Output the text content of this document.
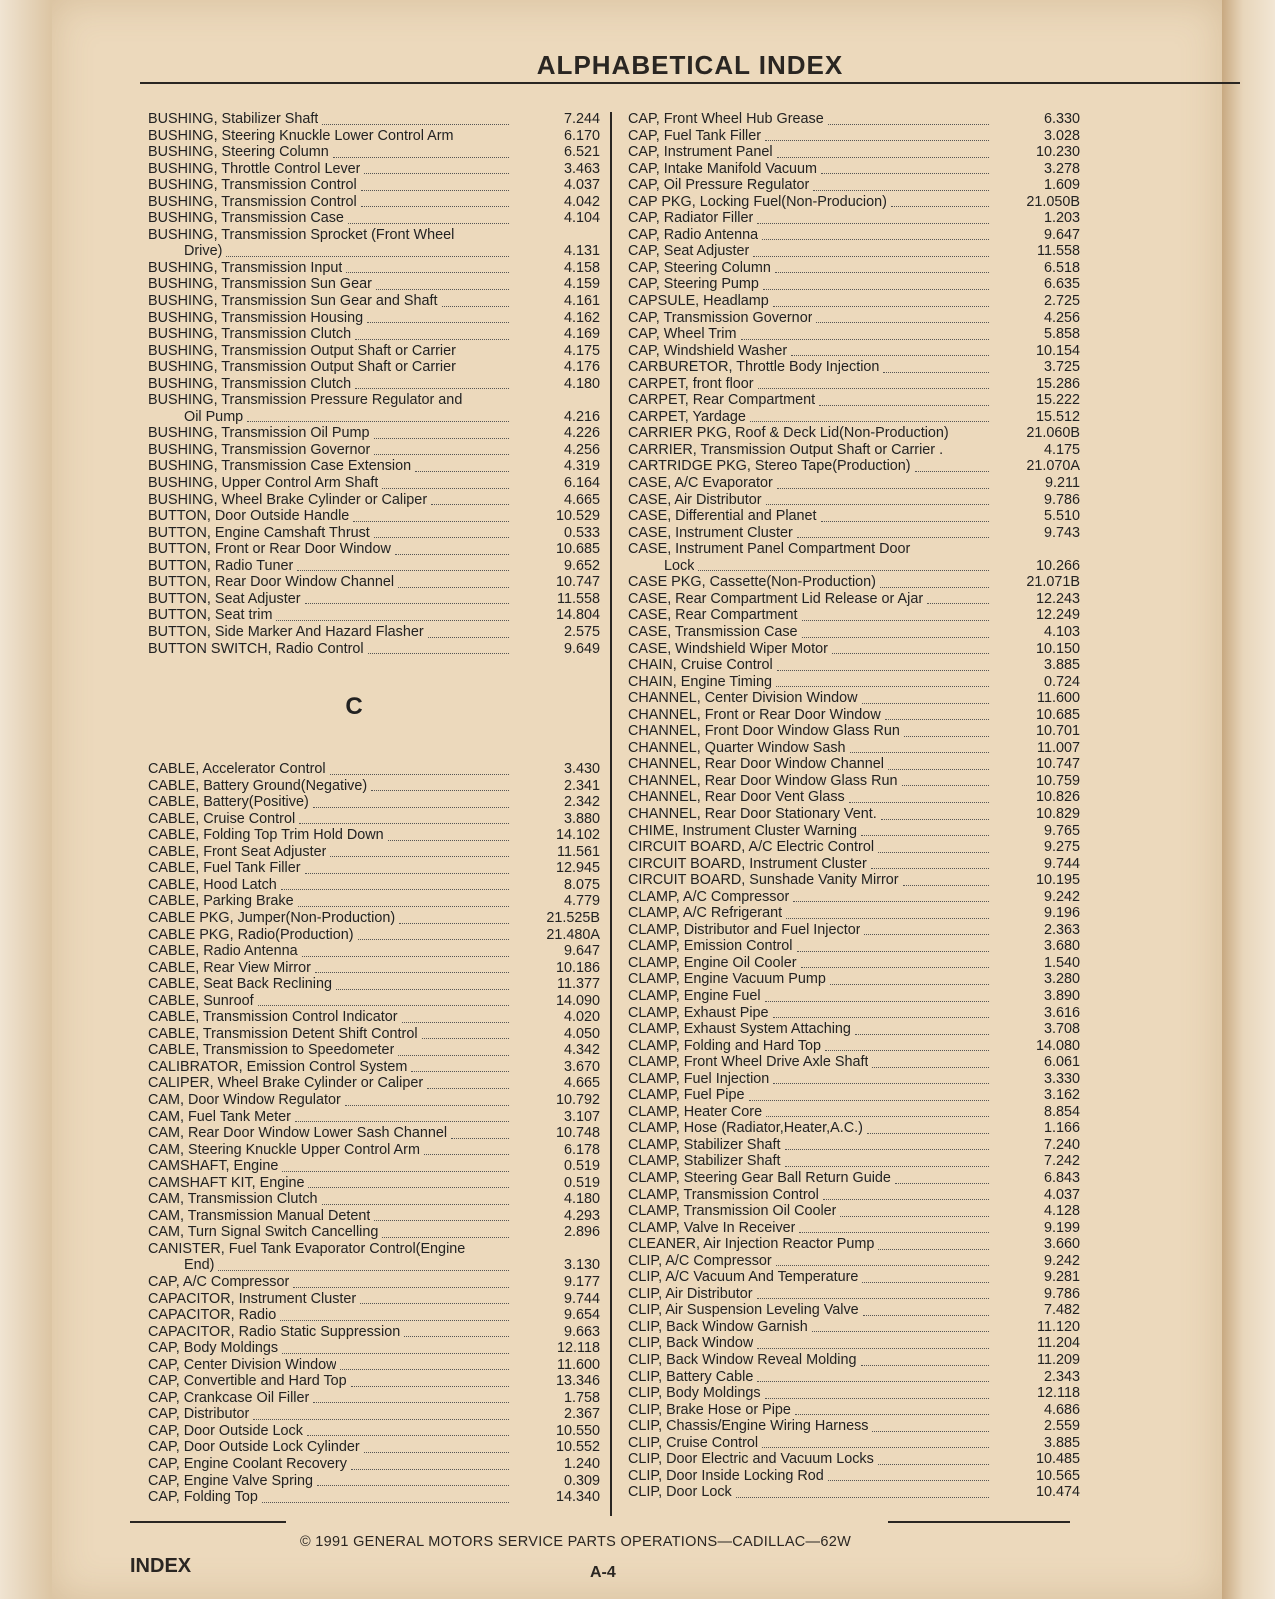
ALPHABETICAL INDEX
BUSHING, Stabilizer Shaft	7.244
BUSHING, Steering Knuckle Lower Control Arm	6.170
BUSHING, Steering Column	6.521
BUSHING, Throttle Control Lever	3.463
BUSHING, Transmission Control	4.037
BUSHING, Transmission Control	4.042
BUSHING, Transmission Case	4.104
BUSHING, Transmission Sprocket (Front Wheel
Drive)	4.131
BUSHING, Transmission Input	4.158
BUSHING, Transmission Sun Gear	4.159
BUSHING, Transmission Sun Gear and Shaft	4.161
BUSHING, Transmission Housing	4.162
BUSHING, Transmission Clutch	4.169
BUSHING, Transmission Output Shaft or Carrier	4.175
BUSHING, Transmission Output Shaft or Carrier	4.176
BUSHING, Transmission Clutch	4.180
BUSHING, Transmission Pressure Regulator and
Oil Pump	4.216
BUSHING, Transmission Oil Pump	4.226
BUSHING, Transmission Governor	4.256
BUSHING, Transmission Case Extension	4.319
BUSHING, Upper Control Arm Shaft	6.164
BUSHING, Wheel Brake Cylinder or Caliper	4.665
BUTTON, Door Outside Handle	10.529
BUTTON, Engine Camshaft Thrust	0.533
BUTTON, Front or Rear Door Window	10.685
BUTTON, Radio Tuner	9.652
BUTTON, Rear Door Window Channel	10.747
BUTTON, Seat Adjuster	11.558
BUTTON, Seat trim	14.804
BUTTON, Side Marker And Hazard Flasher	2.575
BUTTON SWITCH, Radio Control	9.649
C
CABLE, Accelerator Control	3.430
CABLE, Battery Ground(Negative)	2.341
CABLE, Battery(Positive)	2.342
CABLE, Cruise Control	3.880
CABLE, Folding Top Trim Hold Down	14.102
CABLE, Front Seat Adjuster	11.561
CABLE, Fuel Tank Filler	12.945
CABLE, Hood Latch	8.075
CABLE, Parking Brake	4.779
CABLE PKG, Jumper(Non-Production)	21.525B
CABLE PKG, Radio(Production)	21.480A
CABLE, Radio Antenna	9.647
CABLE, Rear View Mirror	10.186
CABLE, Seat Back Reclining	11.377
CABLE, Sunroof	14.090
CABLE, Transmission Control Indicator	4.020
CABLE, Transmission Detent Shift Control	4.050
CABLE, Transmission to Speedometer	4.342
CALIBRATOR, Emission Control System	3.670
CALIPER, Wheel Brake Cylinder or Caliper	4.665
CAM, Door Window Regulator	10.792
CAM, Fuel Tank Meter	3.107
CAM, Rear Door Window Lower Sash Channel	10.748
CAM, Steering Knuckle Upper Control Arm	6.178
CAMSHAFT, Engine	0.519
CAMSHAFT KIT, Engine	0.519
CAM, Transmission Clutch	4.180
CAM, Transmission Manual Detent	4.293
CAM, Turn Signal Switch Cancelling	2.896
CANISTER, Fuel Tank Evaporator Control(Engine
End)	3.130
CAP, A/C Compressor	9.177
CAPACITOR, Instrument Cluster	9.744
CAPACITOR, Radio	9.654
CAPACITOR, Radio Static Suppression	9.663
CAP, Body Moldings	12.118
CAP, Center Division Window	11.600
CAP, Convertible and Hard Top	13.346
CAP, Crankcase Oil Filler	1.758
CAP, Distributor	2.367
CAP, Door Outside Lock	10.550
CAP, Door Outside Lock Cylinder	10.552
CAP, Engine Coolant Recovery	1.240
CAP, Engine Valve Spring	0.309
CAP, Folding Top	14.340
CAP, Front Wheel Hub Grease	6.330
CAP, Fuel Tank Filler	3.028
CAP, Instrument Panel	10.230
CAP, Intake Manifold Vacuum	3.278
CAP, Oil Pressure Regulator	1.609
CAP PKG, Locking Fuel(Non-Producion)	21.050B
CAP, Radiator Filler	1.203
CAP, Radio Antenna	9.647
CAP, Seat Adjuster	11.558
CAP, Steering Column	6.518
CAP, Steering Pump	6.635
CAPSULE, Headlamp	2.725
CAP, Transmission Governor	4.256
CAP, Wheel Trim	5.858
CAP, Windshield Washer	10.154
CARBURETOR, Throttle Body Injection	3.725
CARPET, front floor	15.286
CARPET, Rear Compartment	15.222
CARPET, Yardage	15.512
CARRIER PKG, Roof & Deck Lid(Non-Production)	21.060B
CARRIER, Transmission Output Shaft or Carrier .	4.175
CARTRIDGE PKG, Stereo Tape(Production)	21.070A
CASE, A/C Evaporator	9.211
CASE, Air Distributor	9.786
CASE, Differential and Planet	5.510
CASE, Instrument Cluster	9.743
CASE, Instrument Panel Compartment Door
Lock	10.266
CASE PKG, Cassette(Non-Production)	21.071B
CASE, Rear Compartment Lid Release or Ajar	12.243
CASE, Rear Compartment	12.249
CASE, Transmission Case	4.103
CASE, Windshield Wiper Motor	10.150
CHAIN, Cruise Control	3.885
CHAIN, Engine Timing	0.724
CHANNEL, Center Division Window	11.600
CHANNEL, Front or Rear Door Window	10.685
CHANNEL, Front Door Window Glass Run	10.701
CHANNEL, Quarter Window Sash	11.007
CHANNEL, Rear Door Window Channel	10.747
CHANNEL, Rear Door Window Glass Run	10.759
CHANNEL, Rear Door Vent Glass	10.826
CHANNEL, Rear Door Stationary Vent.	10.829
CHIME, Instrument Cluster Warning	9.765
CIRCUIT BOARD, A/C Electric Control	9.275
CIRCUIT BOARD, Instrument Cluster	9.744
CIRCUIT BOARD, Sunshade Vanity Mirror	10.195
CLAMP, A/C Compressor	9.242
CLAMP, A/C Refrigerant	9.196
CLAMP, Distributor and Fuel Injector	2.363
CLAMP, Emission Control	3.680
CLAMP, Engine Oil Cooler	1.540
CLAMP, Engine Vacuum Pump	3.280
CLAMP, Engine Fuel	3.890
CLAMP, Exhaust Pipe	3.616
CLAMP, Exhaust System Attaching	3.708
CLAMP, Folding and Hard Top	14.080
CLAMP, Front Wheel Drive Axle Shaft	6.061
CLAMP, Fuel Injection	3.330
CLAMP, Fuel Pipe	3.162
CLAMP, Heater Core	8.854
CLAMP, Hose (Radiator,Heater,A.C.)	1.166
CLAMP, Stabilizer Shaft	7.240
CLAMP, Stabilizer Shaft	7.242
CLAMP, Steering Gear Ball Return Guide	6.843
CLAMP, Transmission Control	4.037
CLAMP, Transmission Oil Cooler	4.128
CLAMP, Valve In Receiver	9.199
CLEANER, Air Injection Reactor Pump	3.660
CLIP, A/C Compressor	9.242
CLIP, A/C Vacuum And Temperature	9.281
CLIP, Air Distributor	9.786
CLIP, Air Suspension Leveling Valve	7.482
CLIP, Back Window Garnish	11.120
CLIP, Back Window	11.204
CLIP, Back Window Reveal Molding	11.209
CLIP, Battery Cable	2.343
CLIP, Body Moldings	12.118
CLIP, Brake Hose or Pipe	4.686
CLIP, Chassis/Engine Wiring Harness	2.559
CLIP, Cruise Control	3.885
CLIP, Door Electric and Vacuum Locks	10.485
CLIP, Door Inside Locking Rod	10.565
CLIP, Door Lock	10.474
© 1991 GENERAL MOTORS SERVICE PARTS OPERATIONS—CADILLAC—62W
INDEX	A-4
